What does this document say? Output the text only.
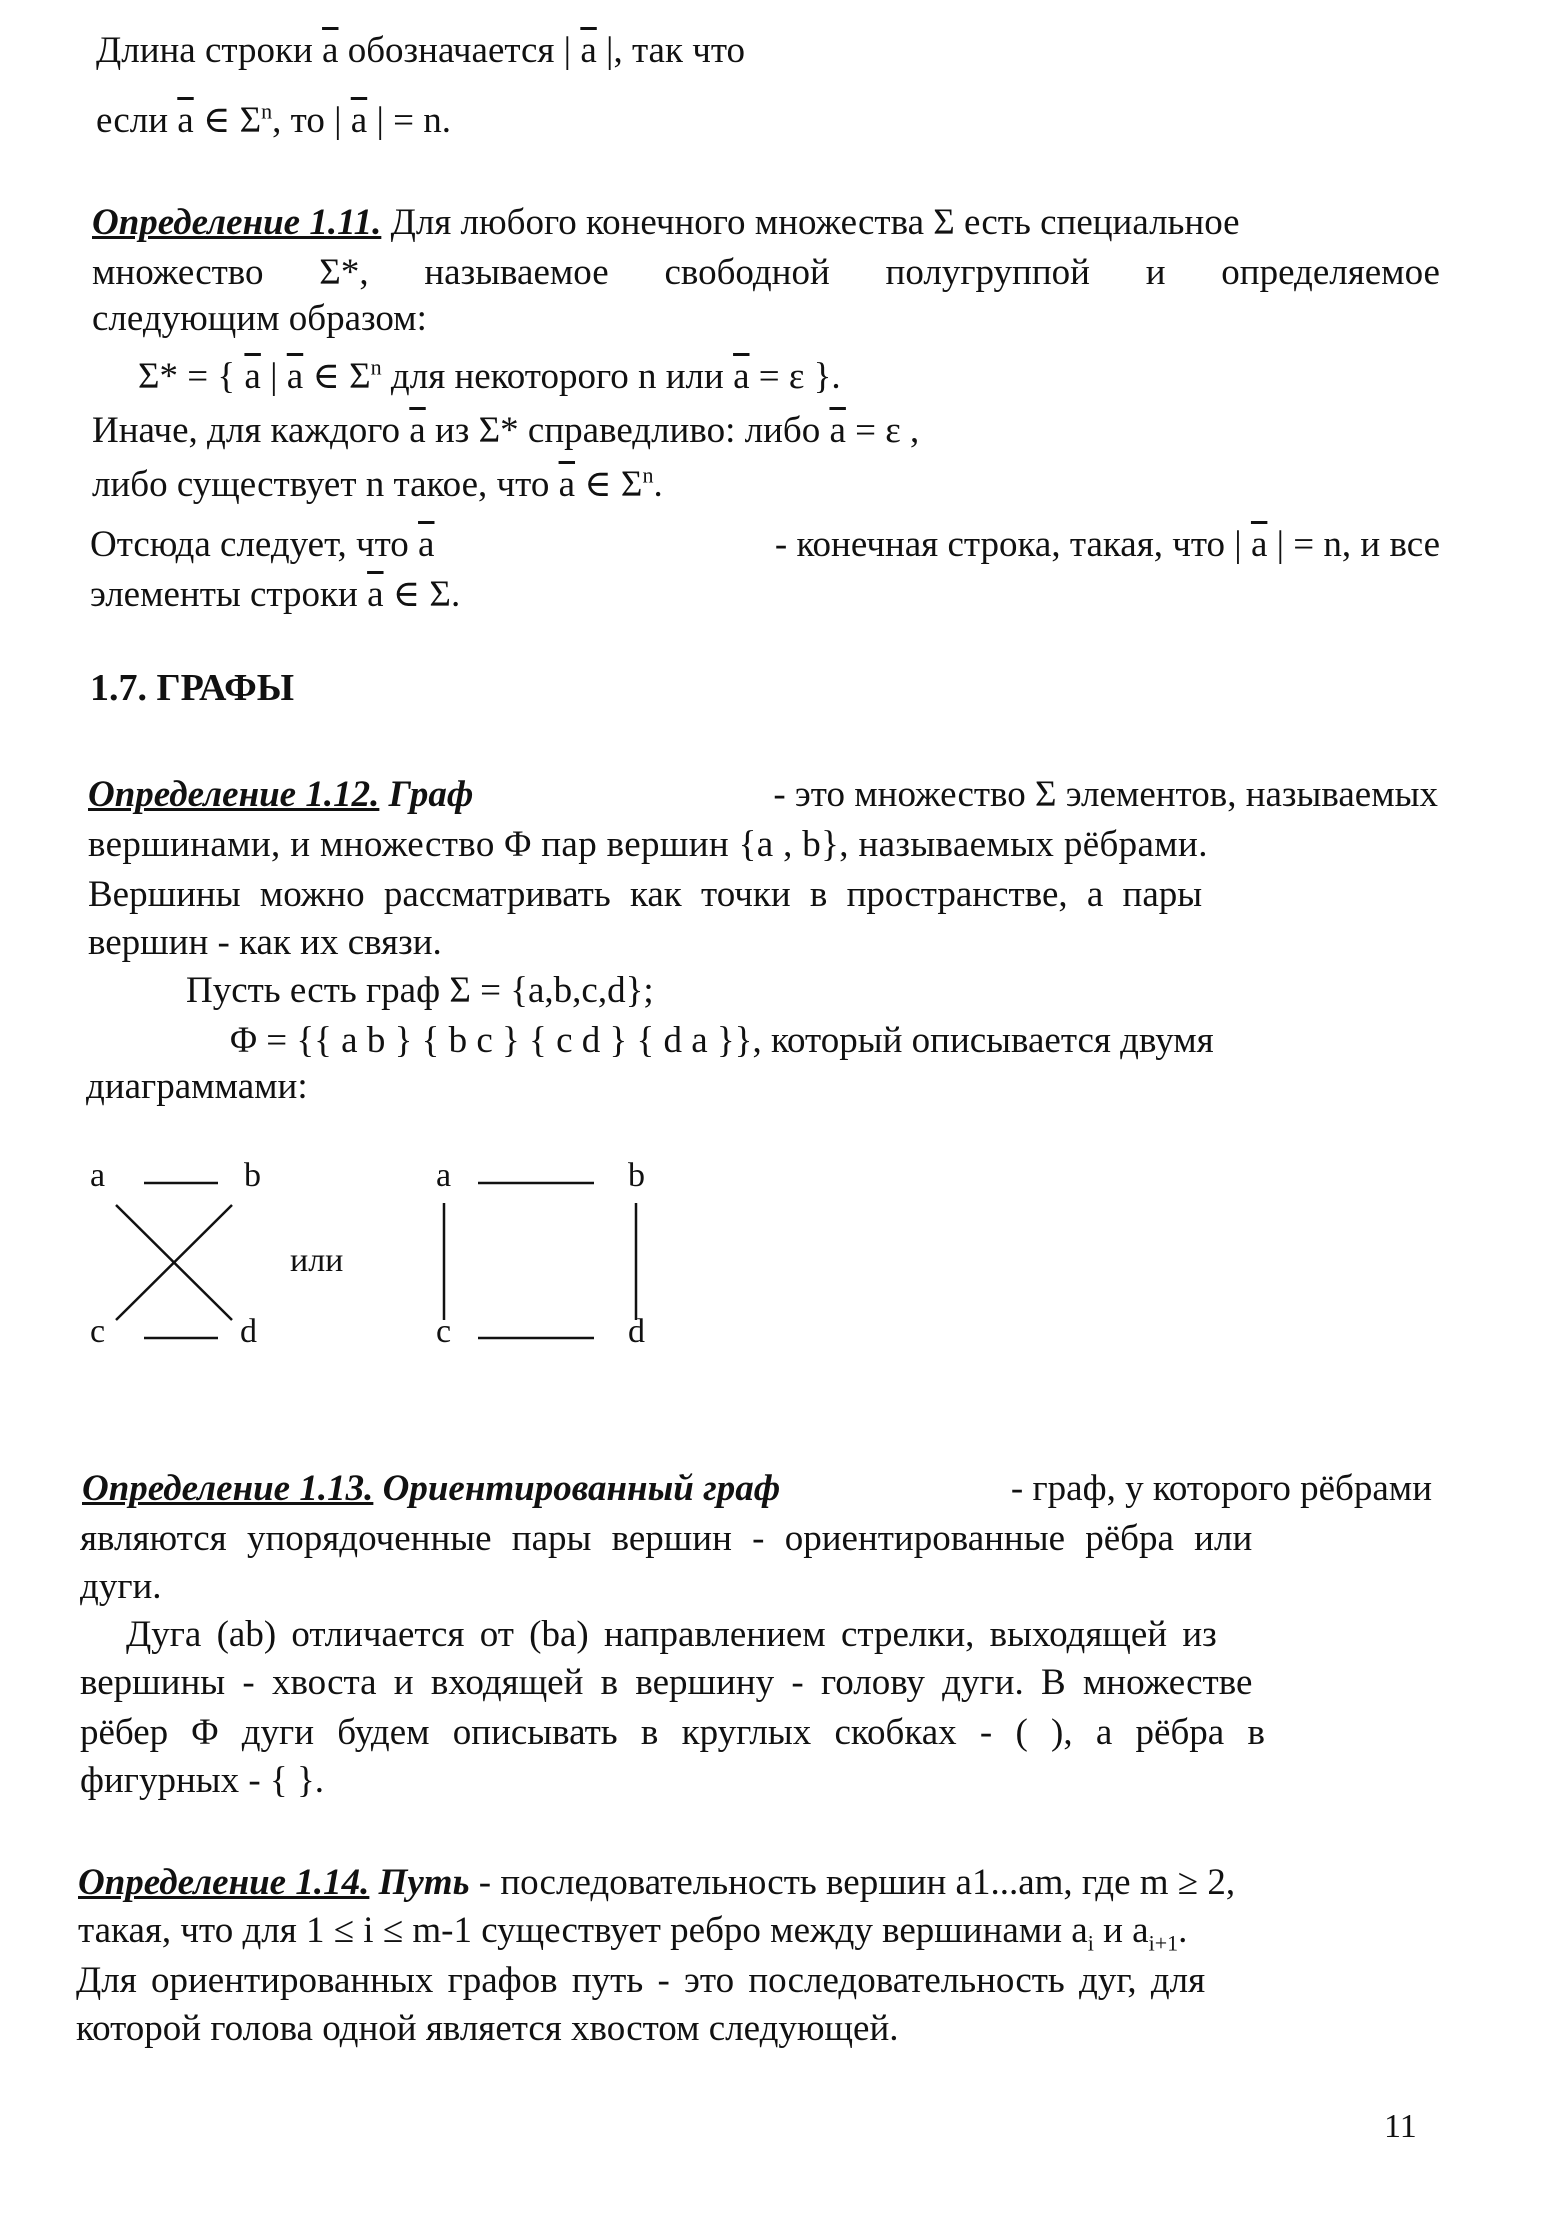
Длина строки $\overline{a}$ обозначается | $\overline{a}$ |, так что
если $\overline{a}$ ∈ $\Sigma^n$, то | $\overline{a}$ | = n.
Определение 1.11. Для любого конечного множества Σ есть специальное
множество Σ*, называемое свободной полугруппой и определяемое
следующим образом:
Σ* = { $\overline{a}$ | $\overline{a}$ ∈ $\Sigma^n$ для некоторого n или $\overline{a} = \varepsilon$ }.
Иначе, для каждого $\overline{a}$ из Σ* справедливо: либо $\overline{a} = \varepsilon$ ,
либо существует n такое, что $\overline{a}$ ∈ $\Sigma^n$.
Отсюда следует, что $\overline{a}$	- конечная строка, такая, что | $\overline{a}$ | = n, и все
элементы строки $\overline{a}$ ∈ Σ.
1.7. ГРАФЫ
Определение 1.12. Граф	- это множество Σ элементов, называемых
вершинами, и множество Φ пар вершин {a , b}, называемых рёбрами.
Вершины можно рассматривать как точки в пространстве, а пары
вершин - как их связи.
Пусть есть граф Σ = {a,b,c,d};
Φ = {{ a b } { b c } { c d } { d a }}, который описывается двумя
диаграммами:
a	b
c	d
или
a	b
c	d
Определение 1.13. Ориентированный граф	- граф, у которого рёбрами
являются упорядоченные пары вершин - ориентированные рёбра или
дуги.
Дуга (ab) отличается от (ba) направлением стрелки, выходящей из
вершины - хвоста и входящей в вершину - голову дуги. В множестве
рёбер Φ дуги будем описывать в круглых скобках - ( ), а рёбра в
фигурных - { }.
Определение 1.14. Путь - последовательность вершин a1...am, где m ≥ 2,
такая, что для 1 ≤ i ≤ m-1 существует ребро между вершинами $a_i$ и $a_{i+1}$.
Для ориентированных графов путь - это последовательность дуг, для
которой голова одной является хвостом следующей.
11
